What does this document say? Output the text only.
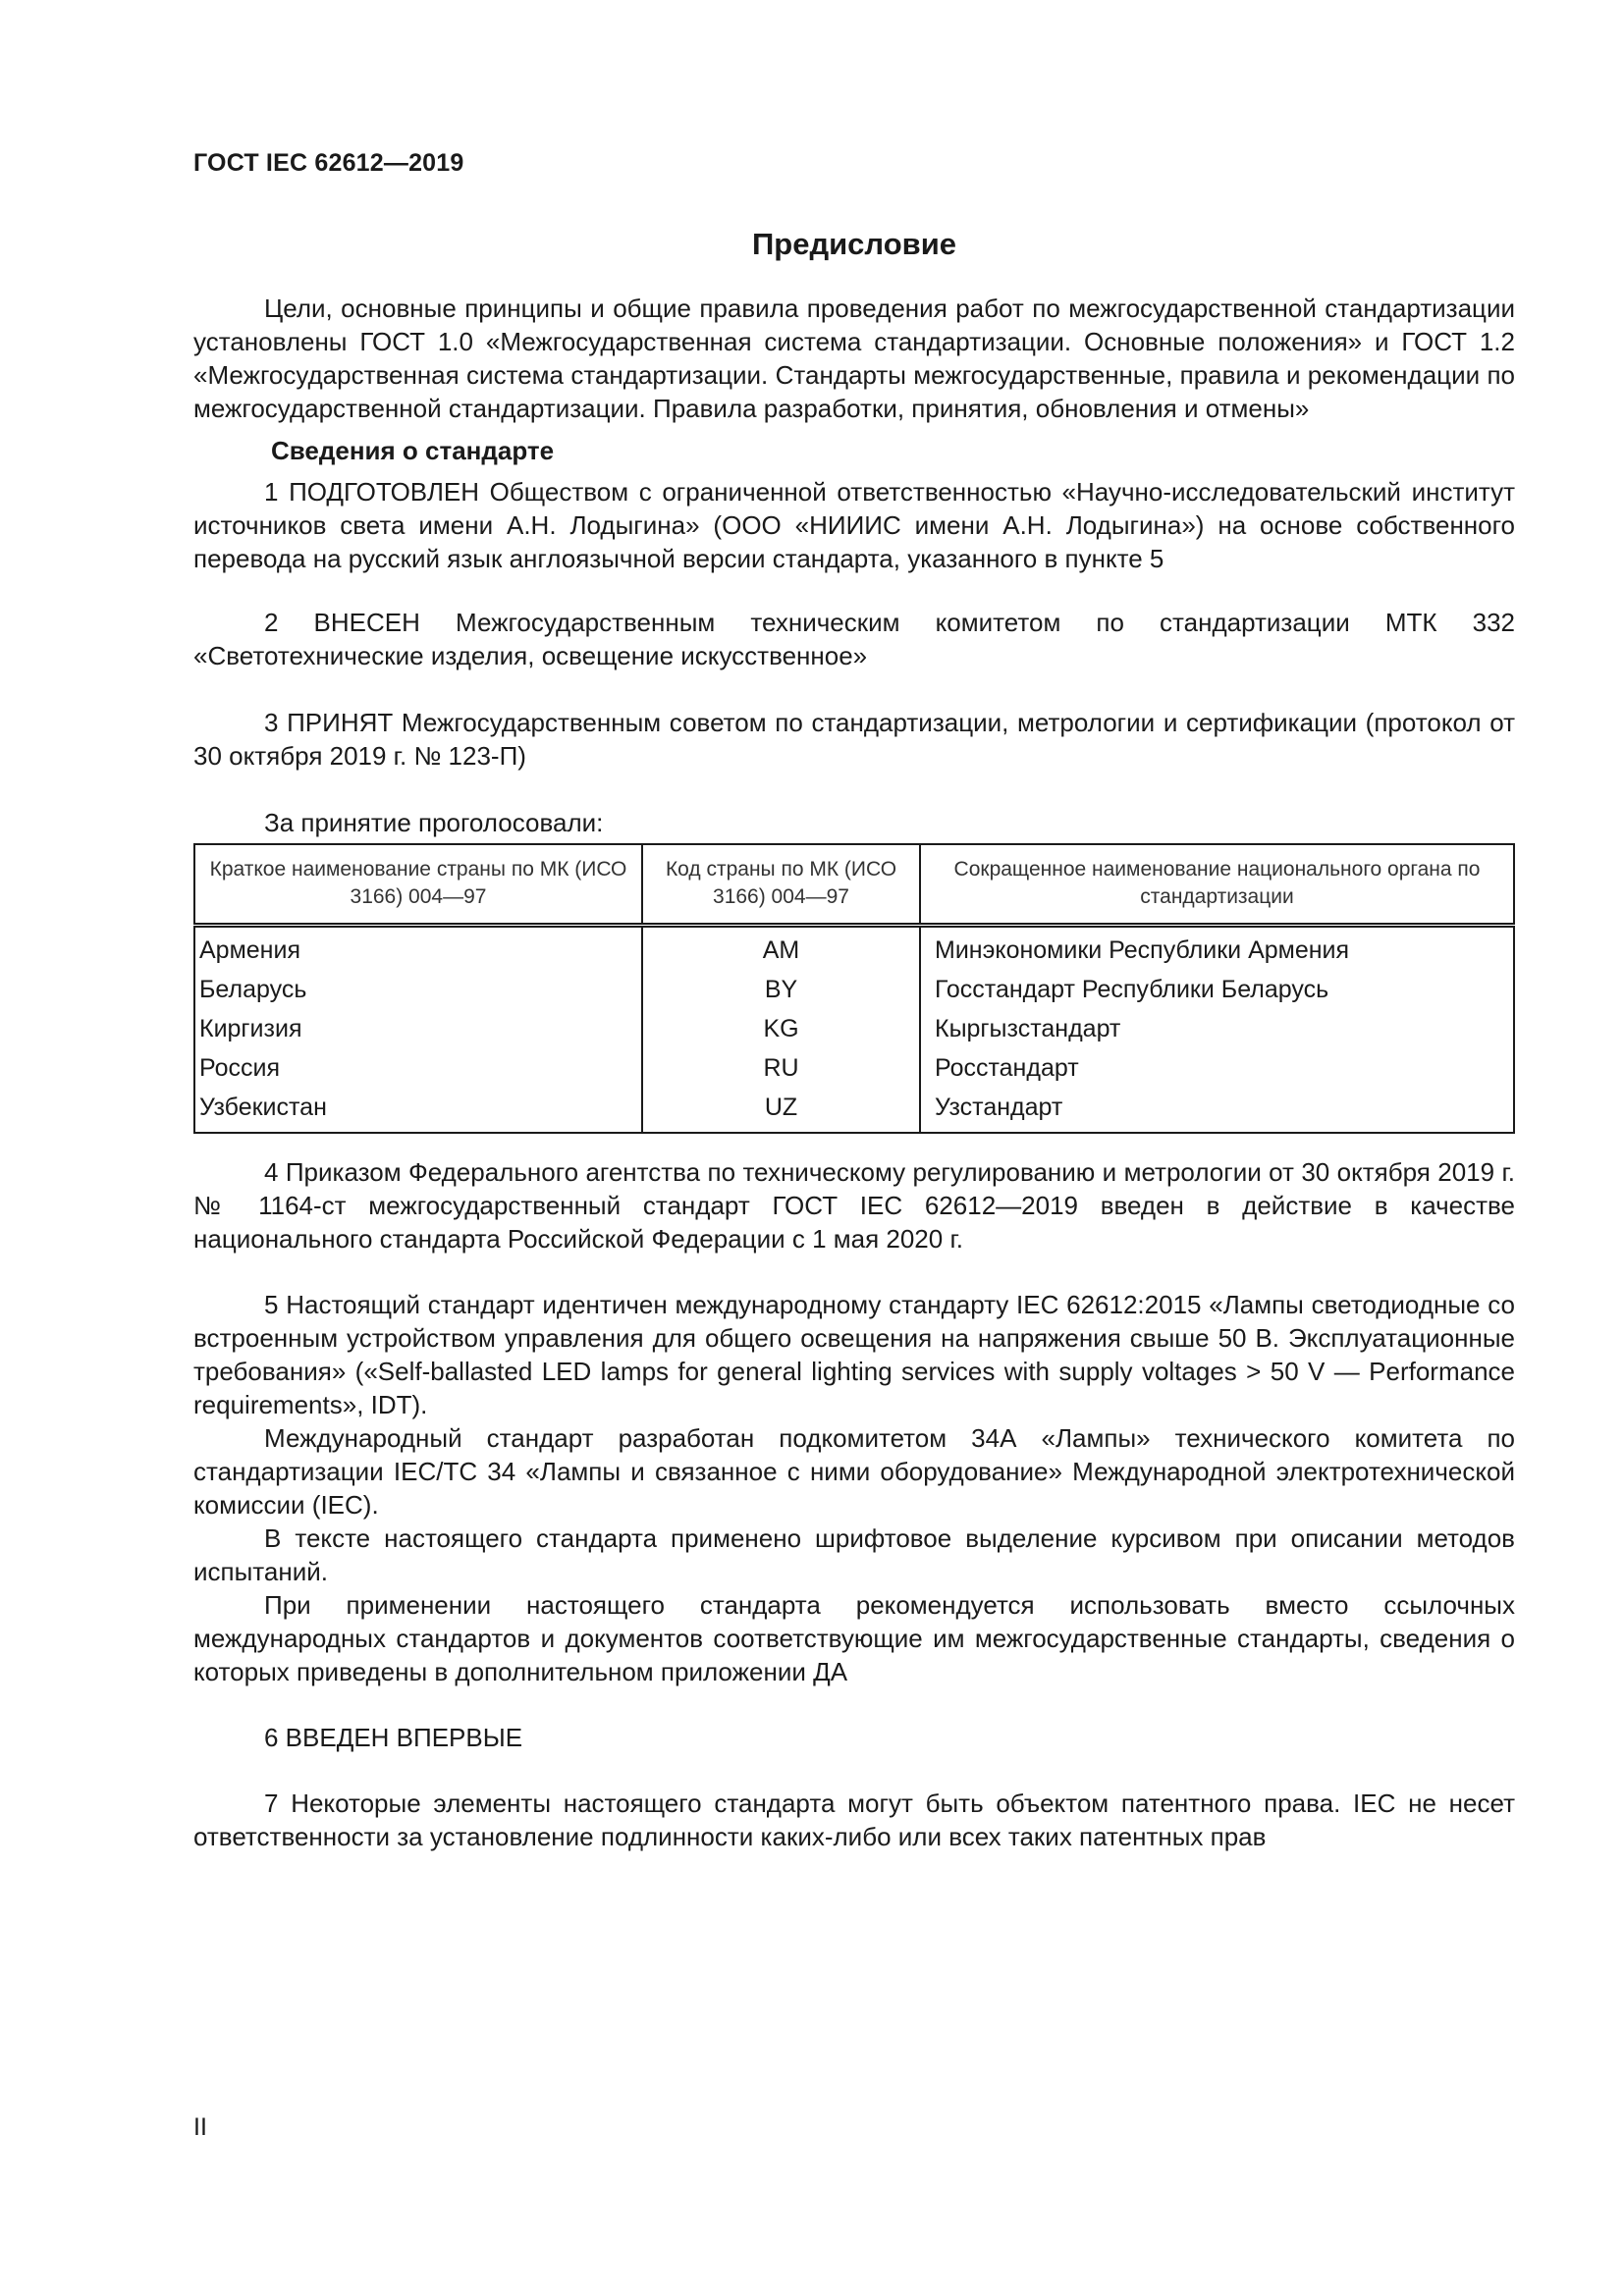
ГОСТ IEC 62612—2019
Предисловие

Цели, основные принципы и общие правила проведения работ по межгосударственной стандартизации установлены ГОСТ 1.0 «Межгосударственная система стандартизации. Основные положения» и ГОСТ 1.2 «Межгосударственная система стандартизации. Стандарты межгосударственные, правила и рекомендации по межгосударственной стандартизации. Правила разработки, принятия, обновления и отмены»

Сведения о стандарте

1 ПОДГОТОВЛЕН Обществом с ограниченной ответственностью «Научно-исследовательский институт источников света имени А.Н. Лодыгина» (ООО «НИИИС имени А.Н. Лодыгина») на основе собственного перевода на русский язык англоязычной версии стандарта, указанного в пункте 5

2 ВНЕСЕН Межгосударственным техническим комитетом по стандартизации МТК 332 «Светотехнические изделия, освещение искусственное»

3 ПРИНЯТ Межгосударственным советом по стандартизации, метрологии и сертификации (протокол от 30 октября 2019 г. № 123-П)

За принятие проголосовали:

Краткое наименование страны по МК (ИСО 3166) 004—97	Код страны по МК (ИСО 3166) 004—97	Сокращенное наименование национального органа по стандартизации
Армения	AM	Минэкономики Республики Армения
Беларусь	BY	Госстандарт Республики Беларусь
Киргизия	KG	Кыргызстандарт
Россия	RU	Росстандарт
Узбекистан	UZ	Узстандарт

4 Приказом Федерального агентства по техническому регулированию и метрологии от 30 октября 2019 г. № 1164-ст межгосударственный стандарт ГОСТ IEC 62612—2019 введен в действие в качестве национального стандарта Российской Федерации с 1 мая 2020 г.

5 Настоящий стандарт идентичен международному стандарту IEC 62612:2015 «Лампы светодиодные со встроенным устройством управления для общего освещения на напряжения свыше 50 В. Эксплуатационные требования» («Self-ballasted LED lamps for general lighting services with supply voltages > 50 V — Performance requirements», IDT).

Международный стандарт разработан подкомитетом 34А «Лампы» технического комитета по стандартизации IEC/TC 34 «Лампы и связанное с ними оборудование» Международной электротехнической комиссии (IEC).

В тексте настоящего стандарта применено шрифтовое выделение курсивом при описании методов испытаний.

При применении настоящего стандарта рекомендуется использовать вместо ссылочных международных стандартов и документов соответствующие им межгосударственные стандарты, сведения о которых приведены в дополнительном приложении ДА

6 ВВЕДЕН ВПЕРВЫЕ

7 Некоторые элементы настоящего стандарта могут быть объектом патентного права. IEC не несет ответственности за установление подлинности каких-либо или всех таких патентных прав

II
